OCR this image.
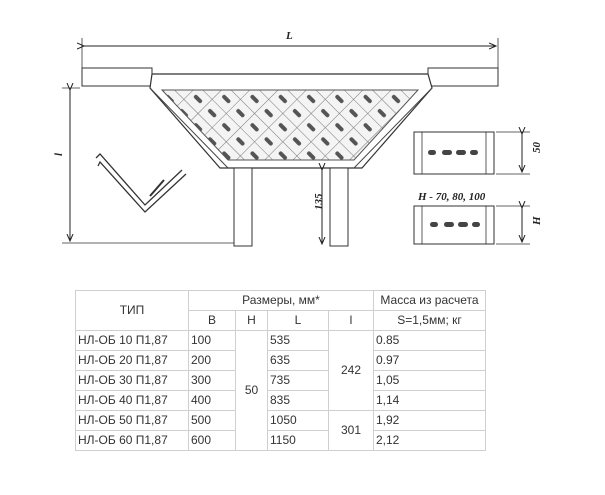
L
l
135
50
H - 70, 80, 100
H
ТИП	Размеры, мм*				Масса из расчета
	B	H	L	l	S=1,5мм; кг
НЛ-ОБ 10 П1,87	100	50	535	242	0.85
НЛ-ОБ 20 П1,87	200		635		0.97
НЛ-ОБ 30 П1,87	300		735		1,05
НЛ-ОБ 40 П1,87	400		835		1,14
НЛ-ОБ 50 П1,87	500		1050	301	1,92
НЛ-ОБ 60 П1,87	600		1150		2,12
